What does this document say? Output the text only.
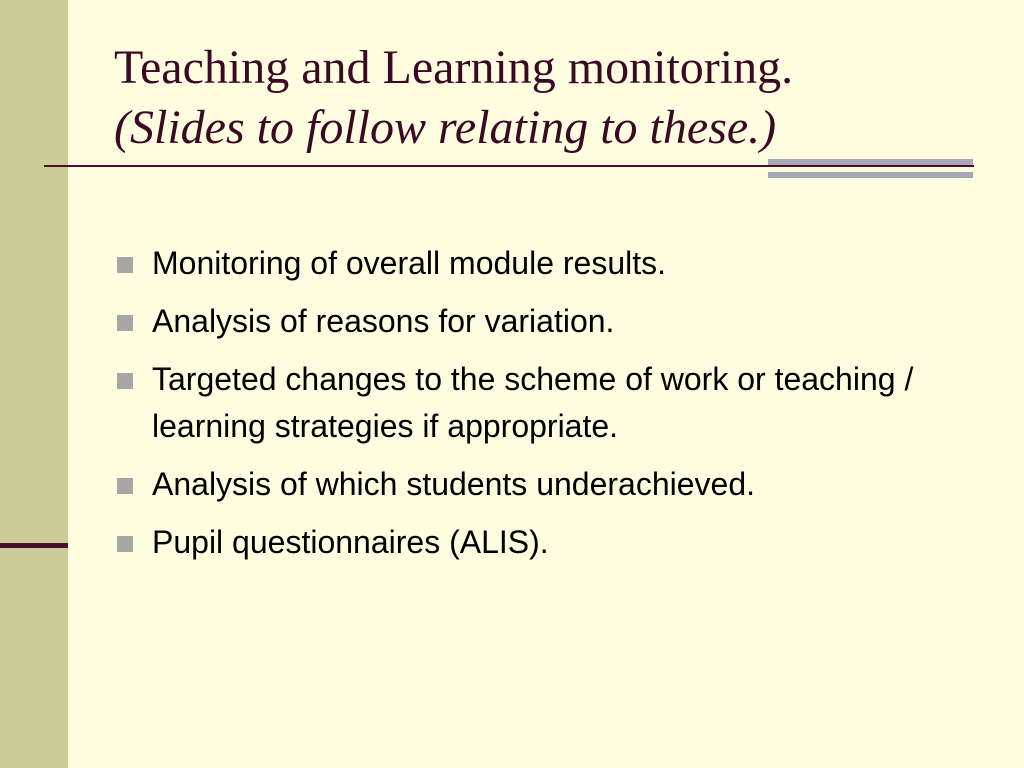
Teaching and Learning monitoring.
(Slides to follow relating to these.)
Monitoring of overall module results.
Analysis of reasons for variation.
Targeted changes to the scheme of work or teaching / learning strategies if appropriate.
Analysis of which students underachieved.
Pupil questionnaires (ALIS).
